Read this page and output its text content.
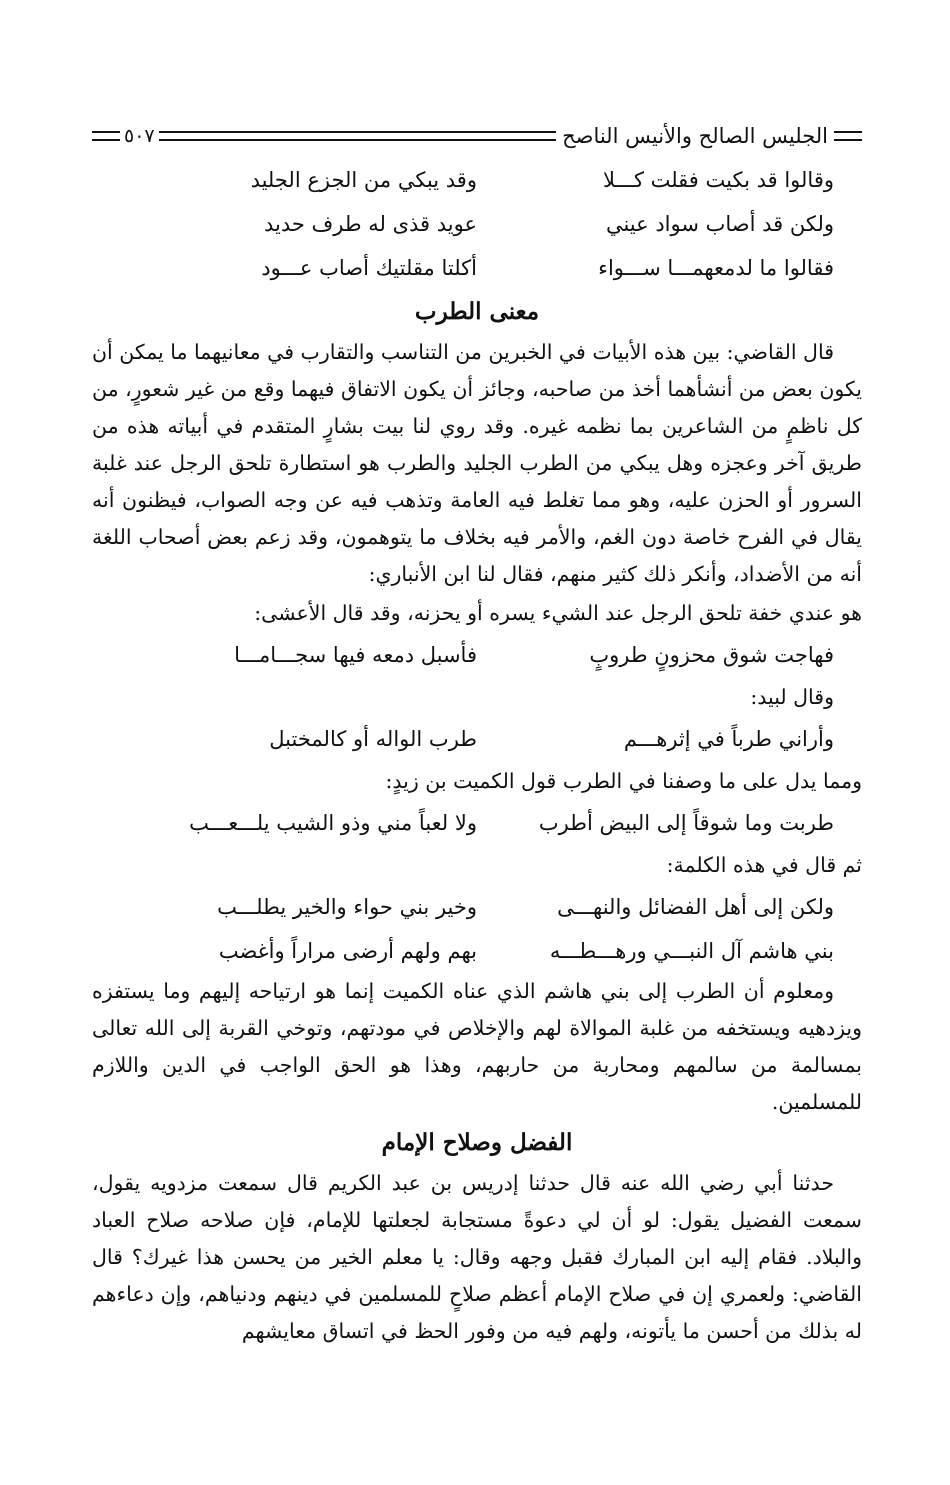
الجليس الصالح والأنيس الناصح
٥٠٧
وقالوا قد بكيت فقلت كـــلا
وقد يبكي من الجزع الجليد
ولكن قد أصاب سواد عيني
عويد قذى له طرف حديد
فقالوا ما لدمعهمـــا ســـواء
أكلتا مقلتيك أصاب عـــود
معنى الطرب

قال القاضي: بين هذه الأبيات في الخبرين من التناسب والتقارب في معانيهما ما يمكن أن يكون بعض من أنشأهما أخذ من صاحبه، وجائز أن يكون الاتفاق فيهما وقع من غير شعورٍ، من كل ناظمٍ من الشاعرين بما نظمه غيره. وقد روي لنا بيت بشارٍ المتقدم في أبياته هذه من طريق آخر وعجزه وهل يبكي من الطرب الجليد والطرب هو استطارة تلحق الرجل عند غلبة السرور أو الحزن عليه، وهو مما تغلط فيه العامة وتذهب فيه عن وجه الصواب، فيظنون أنه يقال في الفرح خاصة دون الغم، والأمر فيه بخلاف ما يتوهمون، وقد زعم بعض أصحاب اللغة أنه من الأضداد، وأنكر ذلك كثير منهم، فقال لنا ابن الأنباري:

هو عندي خفة تلحق الرجل عند الشيء يسره أو يحزنه، وقد قال الأعشى:
فهاجت شوق محزونٍ طروبٍ
فأسبل دمعه فيها سجـــامـــا
وقال لبيد:
وأراني طرباً في إثرهـــم
طرب الواله أو كالمختبل
ومما يدل على ما وصفنا في الطرب قول الكميت بن زيدٍ:
طربت وما شوقاً إلى البيض أطرب
ولا لعباً مني وذو الشيب يلـــعـــب
ثم قال في هذه الكلمة:
ولكن إلى أهل الفضائل والنهـــى
وخير بني حواء والخير يطلـــب
بني هاشم آل النبـــي ورهـــطـــه
بهم ولهم أرضى مراراً وأغضب

ومعلوم أن الطرب إلى بني هاشم الذي عناه الكميت إنما هو ارتياحه إليهم وما يستفزه ويزدهيه ويستخفه من غلبة الموالاة لهم والإخلاص في مودتهم، وتوخي القربة إلى الله تعالى بمسالمة من سالمهم ومحاربة من حاربهم، وهذا هو الحق الواجب في الدين واللازم للمسلمين.

الفضل وصلاح الإمام

حدثنا أبي رضي الله عنه قال حدثنا إدريس بن عبد الكريم قال سمعت مزدويه يقول، سمعت الفضيل يقول: لو أن لي دعوةً مستجابة لجعلتها للإمام، فإن صلاحه صلاح العباد والبلاد. فقام إليه ابن المبارك فقبل وجهه وقال: يا معلم الخير من يحسن هذا غيرك؟ قال القاضي: ولعمري إن في صلاح الإمام أعظم صلاحٍ للمسلمين في دينهم ودنياهم، وإن دعاءهم له بذلك من أحسن ما يأتونه، ولهم فيه من وفور الحظ في اتساق معايشهم
